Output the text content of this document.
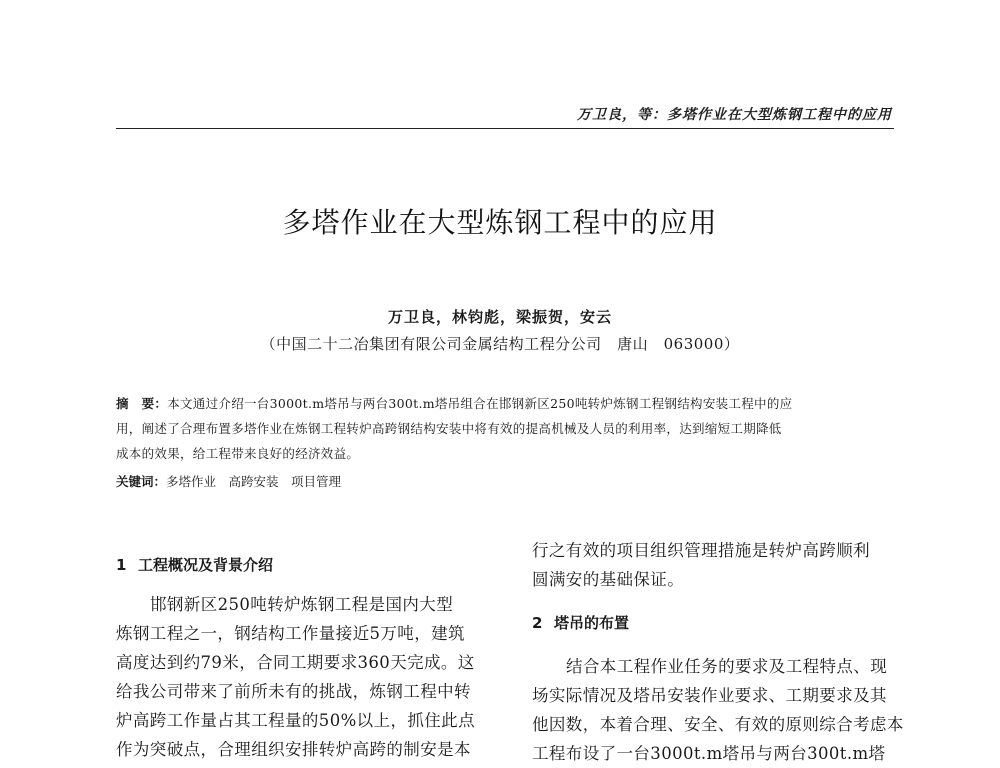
万卫良，等：多塔作业在大型炼钢工程中的应用
多塔作业在大型炼钢工程中的应用
万卫良，林钧彪，梁振贺，安云
（中国二十二冶集团有限公司金属结构工程分公司　唐山　063000）
摘　要：本文通过介绍一台3000t.m塔吊与两台300t.m塔吊组合在邯钢新区250吨转炉炼钢工程钢结构安装工程中的应
用，阐述了合理布置多塔作业在炼钢工程转炉高跨钢结构安装中将有效的提高机械及人员的利用率，达到缩短工期降低
成本的效果，给工程带来良好的经济效益。
关键词：多塔作业　高跨安装　项目管理
1 工程概况及背景介绍
邯钢新区250吨转炉炼钢工程是国内大型
炼钢工程之一，钢结构工作量接近5万吨，建筑
高度达到约79米，合同工期要求360天完成。这
给我公司带来了前所未有的挑战，炼钢工程中转
炉高跨工作量占其工程量的50%以上，抓住此点
作为突破点，合理组织安排转炉高跨的制安是本
行之有效的项目组织管理措施是转炉高跨顺利
圆满安的基础保证。
2 塔吊的布置
结合本工程作业任务的要求及工程特点、现
场实际情况及塔吊安装作业要求、工期要求及其
他因数，本着合理、安全、有效的原则综合考虑本
工程布设了一台3000t.m塔吊与两台300t.m塔
